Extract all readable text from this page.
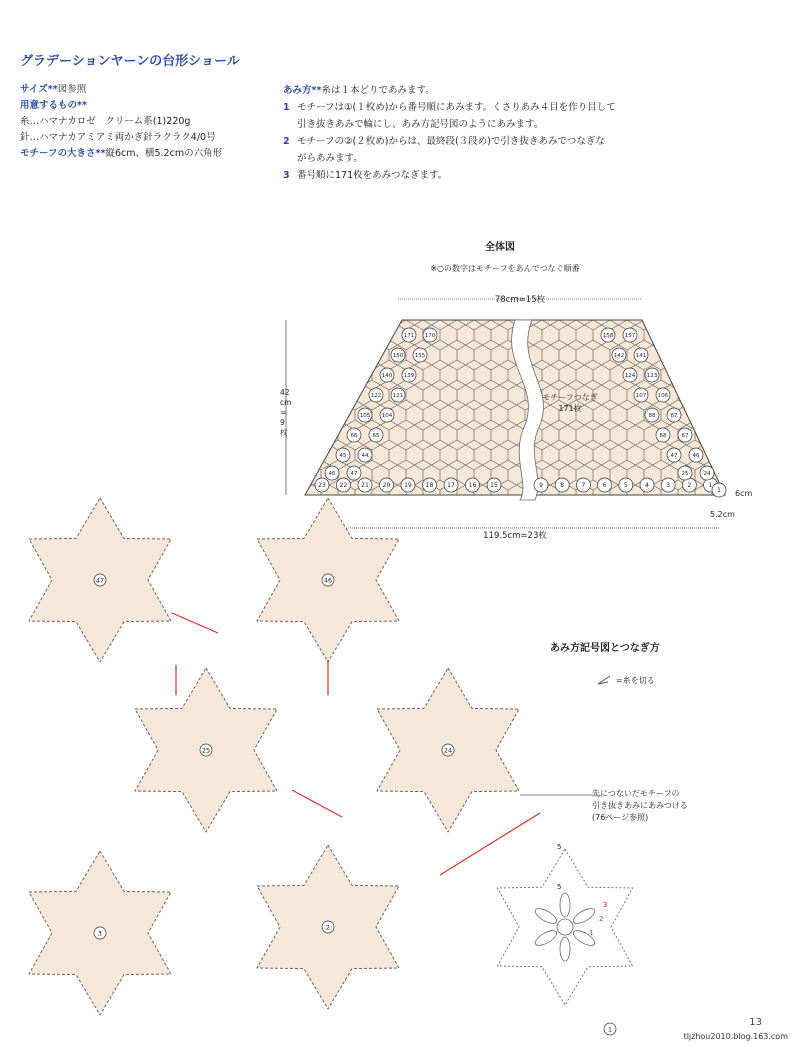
グラデーションヤーンの台形ショール
サイズ**図参照
用意するもの**
糸…ハマナカロゼ　クリーム系(1)220g
針…ハマナカアミアミ両かぎ針ラクラク4/0号
モチーフの大きさ**縦6cm、横5.2cmの六角形
あみ方**糸は１本どりであみます。
1 モチーフは①(１枚め)から番号順にあみます。くさりあみ４目を作り目して
引き抜きあみで輪にし、あみ方記号図のようにあみます。
2 モチーフの②(２枚め)からは、最終段(３段め)で引き抜きあみでつなぎな
がらあみます。
3 番号順に171枚をあみつなぎます。
全体図
※○の数字はモチーフをあんでつなぐ順番
78cm=15枚
42 cm = 9 枚
119.5cm=23枚
モチーフつなぎ
171枚
6cm
5.2cm
23 22 21 20 19 18 17 16 15	9	8	7	6	5	4	3	2	1
1
171 170
150 155
140 139
122 121
105 104
66	65
45	44
46	47
158 157
142 141
124 123
107 106
88	87
68	67
47	46
25	24
あみ方記号図とつなぎ方
=糸を切る
先につないだモチーフの
引き抜きあみにあみつける
(76ページ参照)
47	46
25	24
3
2
5
5
3
2
1
1
13
tljzhou2010.blog.163.com
